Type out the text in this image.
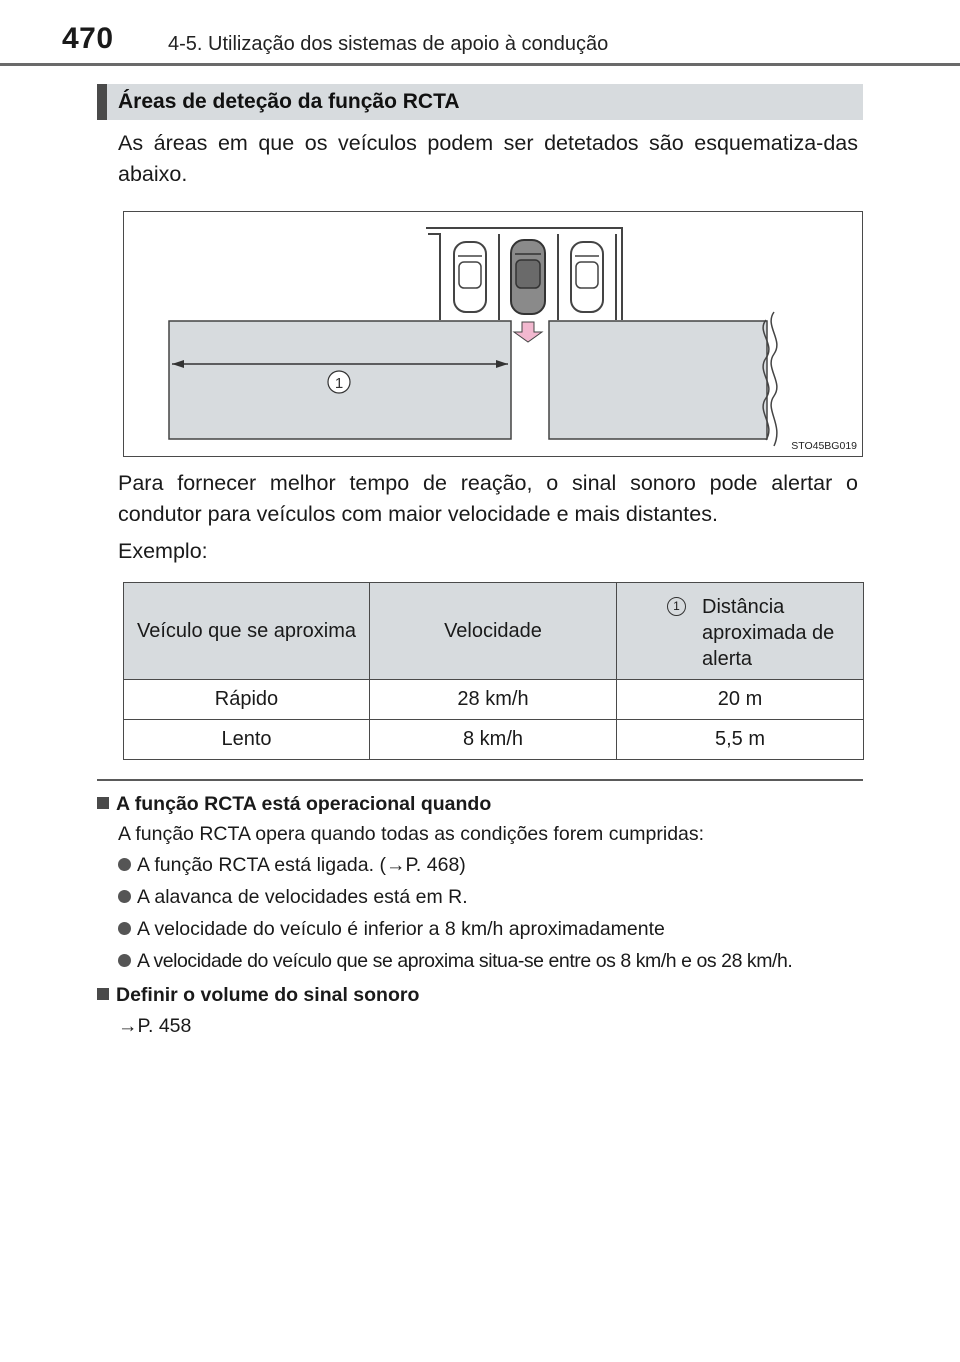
470	4-5. Utilização dos sistemas de apoio à condução
Áreas de deteção da função RCTA
As áreas em que os veículos podem ser detetados são esquematiza-das abaixo.
1
STO45BG019
Para fornecer melhor tempo de reação, o sinal sonoro pode alertar o condutor para veículos com maior velocidade e mais distantes.
Exemplo:
Veículo que se aproxima	Velocidade	1 Distância aproximada de alerta

Rápido	28 km/h	20 m
Lento	8 km/h	5,5 m
A função RCTA está operacional quando
A função RCTA opera quando todas as condições forem cumpridas:
A função RCTA está ligada. (→P. 468)
A alavanca de velocidades está em R.
A velocidade do veículo é inferior a 8 km/h aproximadamente
A velocidade do veículo que se aproxima situa-se entre os 8 km/h e os 28 km/h.
Definir o volume do sinal sonoro
→P. 458
